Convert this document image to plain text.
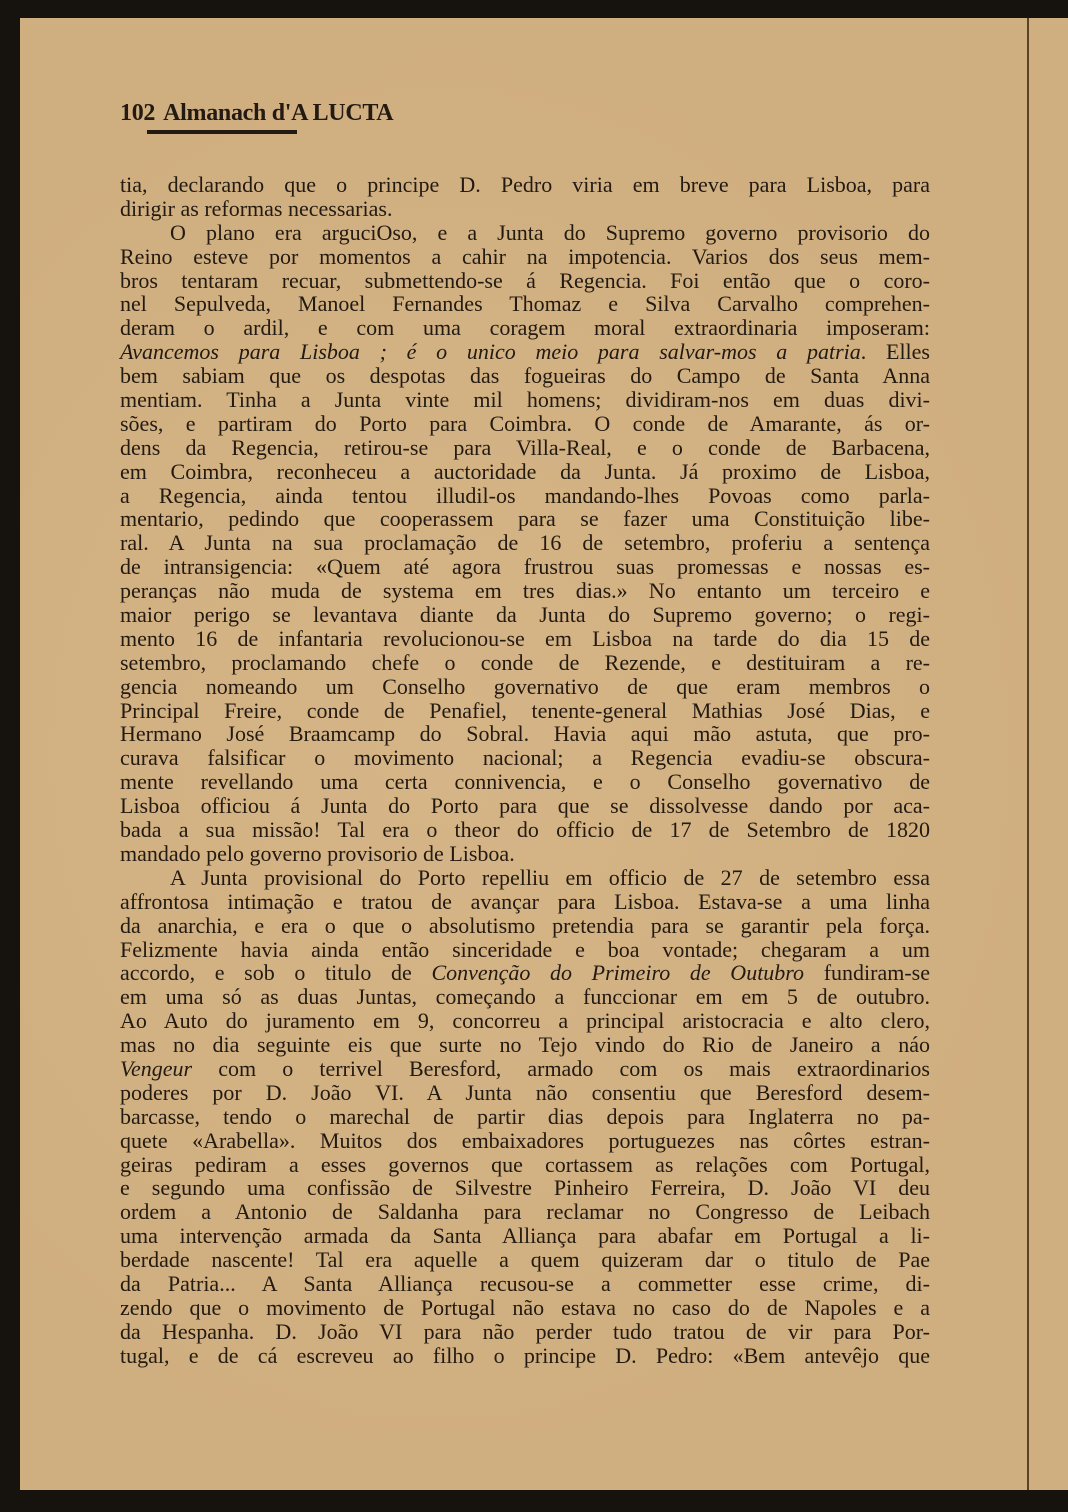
102 Almanach d'A LUCTA
tia, declarando que o principe D. Pedro viria em breve para Lisboa, para
dirigir as reformas necessarias.
O plano era arguciOso, e a Junta do Supremo governo provisorio do
Reino esteve por momentos a cahir na impotencia. Varios dos seus mem-
bros tentaram recuar, submettendo-se á Regencia. Foi então que o coro-
nel Sepulveda, Manoel Fernandes Thomaz e Silva Carvalho comprehen-
deram o ardil, e com uma coragem moral extraordinaria imposeram:
Avancemos para Lisboa ; é o unico meio para salvar-mos a patria. Elles
bem sabiam que os despotas das fogueiras do Campo de Santa Anna
mentiam. Tinha a Junta vinte mil homens; dividiram-nos em duas divi-
sões, e partiram do Porto para Coimbra. O conde de Amarante, ás or-
dens da Regencia, retirou-se para Villa-Real, e o conde de Barbacena,
em Coimbra, reconheceu a auctoridade da Junta. Já proximo de Lisboa,
a Regencia, ainda tentou illudil-os mandando-lhes Povoas como parla-
mentario, pedindo que cooperassem para se fazer uma Constituição libe-
ral. A Junta na sua proclamação de 16 de setembro, proferiu a sentença
de intransigencia: «Quem até agora frustrou suas promessas e nossas es-
peranças não muda de systema em tres dias.» No entanto um terceiro e
maior perigo se levantava diante da Junta do Supremo governo; o regi-
mento 16 de infantaria revolucionou-se em Lisboa na tarde do dia 15 de
setembro, proclamando chefe o conde de Rezende, e destituiram a re-
gencia nomeando um Conselho governativo de que eram membros o
Principal Freire, conde de Penafiel, tenente-general Mathias José Dias, e
Hermano José Braamcamp do Sobral. Havia aqui mão astuta, que pro-
curava falsificar o movimento nacional; a Regencia evadiu-se obscura-
mente revellando uma certa connivencia, e o Conselho governativo de
Lisboa officiou á Junta do Porto para que se dissolvesse dando por aca-
bada a sua missão! Tal era o theor do officio de 17 de Setembro de 1820
mandado pelo governo provisorio de Lisboa.
A Junta provisional do Porto repelliu em officio de 27 de setembro essa
affrontosa intimação e tratou de avançar para Lisboa. Estava-se a uma linha
da anarchia, e era o que o absolutismo pretendia para se garantir pela força.
Felizmente havia ainda então sinceridade e boa vontade; chegaram a um
accordo, e sob o titulo de Convenção do Primeiro de Outubro fundiram-se
em uma só as duas Juntas, começando a funccionar em em 5 de outubro.
Ao Auto do juramento em 9, concorreu a principal aristocracia e alto clero,
mas no dia seguinte eis que surte no Tejo vindo do Rio de Janeiro a náo
Vengeur com o terrivel Beresford, armado com os mais extraordinarios
poderes por D. João VI. A Junta não consentiu que Beresford desem-
barcasse, tendo o marechal de partir dias depois para Inglaterra no pa-
quete «Arabella». Muitos dos embaixadores portuguezes nas côrtes estran-
geiras pediram a esses governos que cortassem as relações com Portugal,
e segundo uma confissão de Silvestre Pinheiro Ferreira, D. João VI deu
ordem a Antonio de Saldanha para reclamar no Congresso de Leibach
uma intervenção armada da Santa Alliança para abafar em Portugal a li-
berdade nascente! Tal era aquelle a quem quizeram dar o titulo de Pae
da Patria... A Santa Alliança recusou-se a commetter esse crime, di-
zendo que o movimento de Portugal não estava no caso do de Napoles e a
da Hespanha. D. João VI para não perder tudo tratou de vir para Por-
tugal, e de cá escreveu ao filho o principe D. Pedro: «Bem antevêjo que
